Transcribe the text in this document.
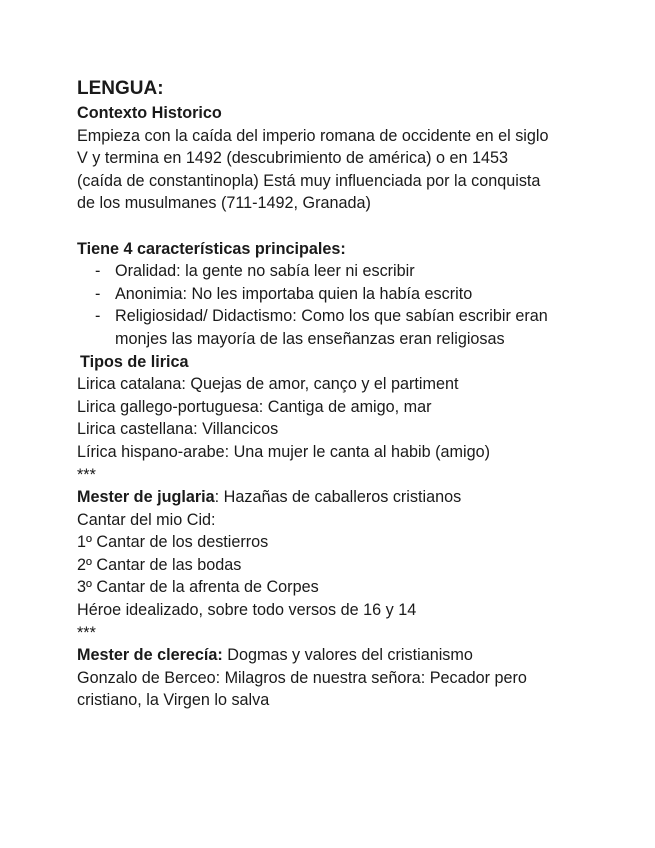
LENGUA:
Contexto Historico
Empieza con la caída del imperio romana de occidente en el siglo
V y termina en 1492 (descubrimiento de américa) o en 1453
(caída de constantinopla) Está muy influenciada por la conquista
de los musulmanes (711-1492, Granada)
Tiene 4 características principales:
- Oralidad: la gente no sabía leer ni escribir
- Anonimia: No les importaba quien la había escrito
- Religiosidad/ Didactismo: Como los que sabían escribir eran monjes las mayoría de las enseñanzas eran religiosas
Tipos de lirica
Lirica catalana: Quejas de amor, canço y el partiment
Lirica gallego-portuguesa: Cantiga de amigo, mar
Lirica castellana: Villancicos
Lírica hispano-arabe: Una mujer le canta al habib (amigo)
***
Mester de juglaria: Hazañas de caballeros cristianos
Cantar del mio Cid:
1º Cantar de los destierros
2º Cantar de las bodas
3º Cantar de la afrenta de Corpes
Héroe idealizado, sobre todo versos de 16 y 14
***
Mester de clerecía: Dogmas y valores del cristianismo
Gonzalo de Berceo: Milagros de nuestra señora: Pecador pero
cristiano, la Virgen lo salva
